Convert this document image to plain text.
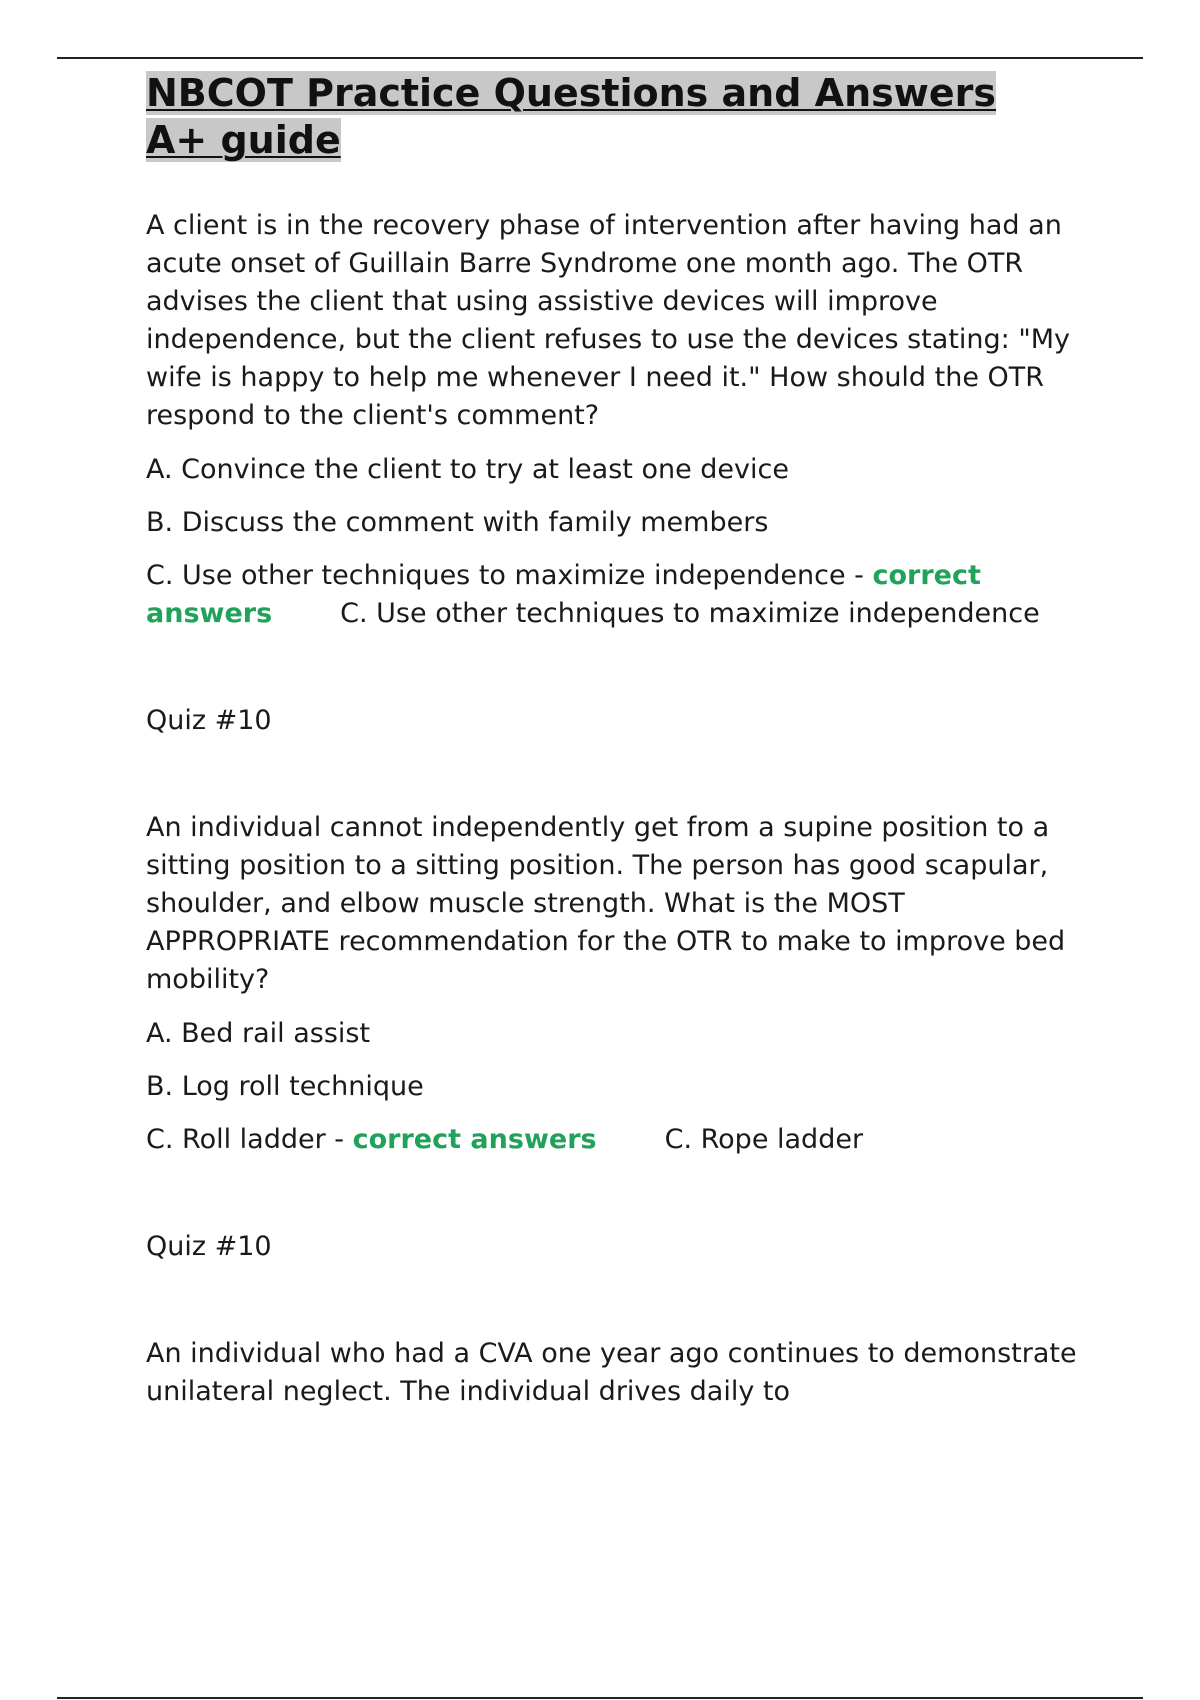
NBCOT Practice Questions and Answers
A+ guide

A client is in the recovery phase of intervention after having had an acute onset of Guillain Barre Syndrome one month ago. The OTR advises the client that using assistive devices will improve independence, but the client refuses to use the devices stating: "My wife is happy to help me whenever I need it." How should the OTR respond to the client's comment?

A. Convince the client to try at least one device

B. Discuss the comment with family members

C. Use other techniques to maximize independence - correct answers	C. Use other techniques to maximize independence

Quiz #10

An individual cannot independently get from a supine position to a sitting position to a sitting position. The person has good scapular, shoulder, and elbow muscle strength. What is the MOST APPROPRIATE recommendation for the OTR to make to improve bed mobility?

A. Bed rail assist

B. Log roll technique

C. Roll ladder - correct answers	C. Rope ladder

Quiz #10

An individual who had a CVA one year ago continues to demonstrate unilateral neglect. The individual drives daily to
